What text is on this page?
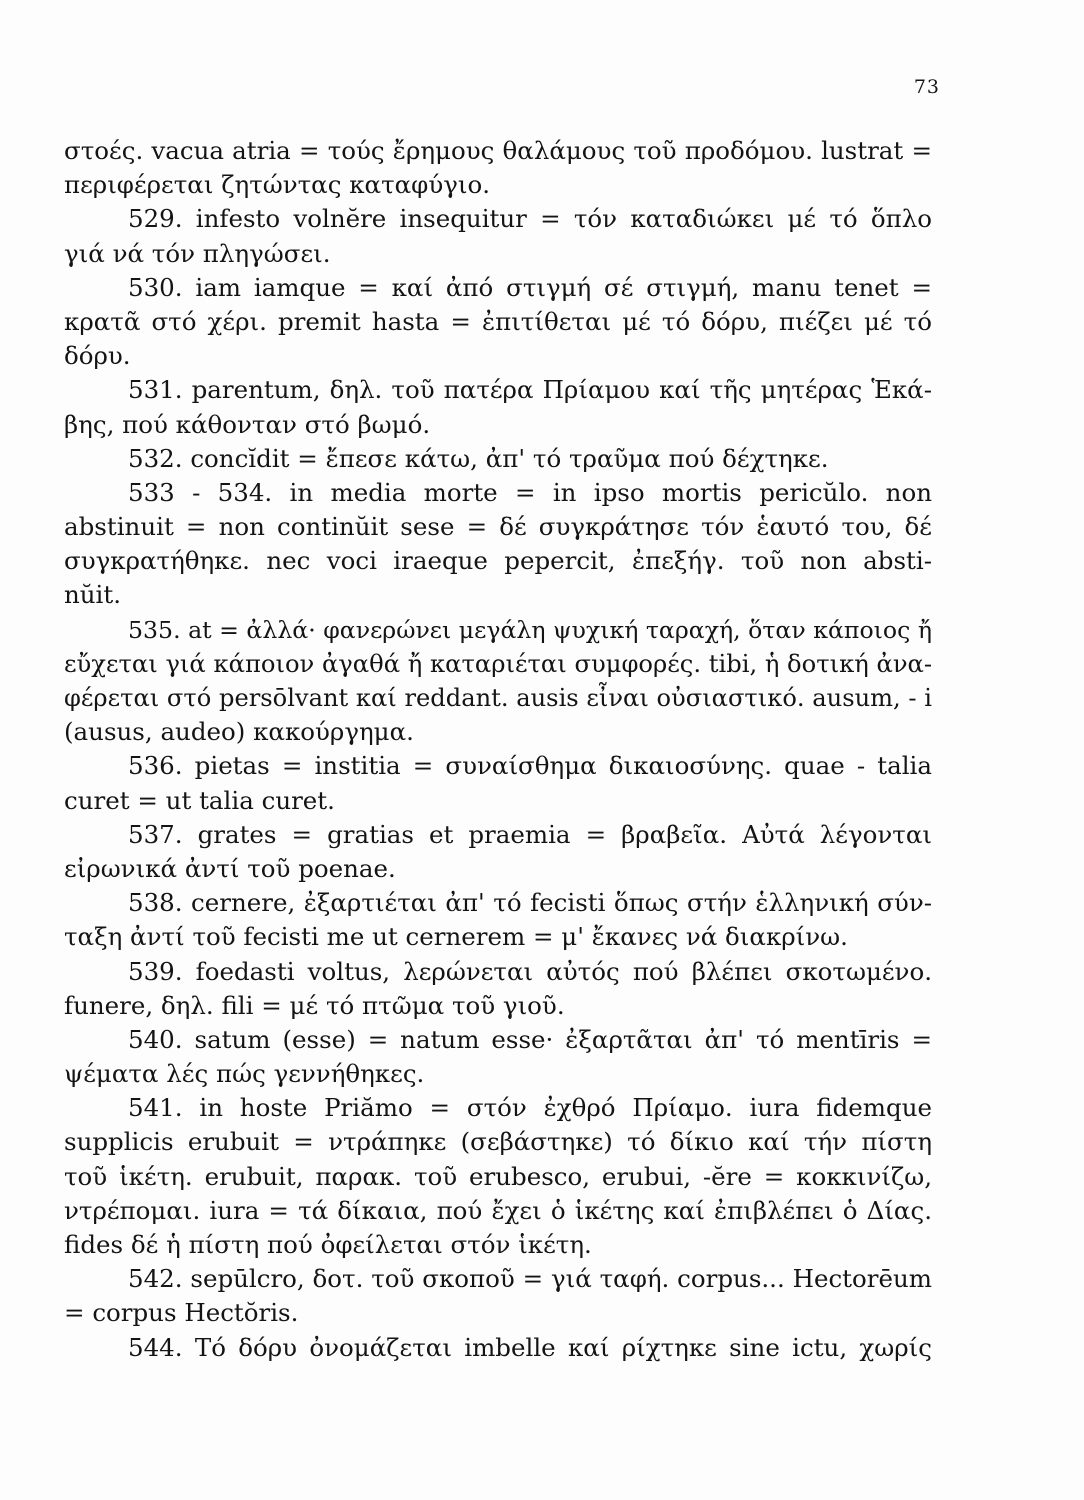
73
στοές. vacua atria = τούς ἔρημους θαλάμους τοῦ προδόμου. lustrat =
περιφέρεται ζητώντας καταφύγιο.
529. infesto volnĕre insequitur = τόν καταδιώκει μέ τό ὅπλο
γιά νά τόν πληγώσει.
530. iam iamque = καί ἀπό στιγμή σέ στιγμή, manu tenet =
κρατᾶ στό χέρι. premit hasta = ἐπιτίθεται μέ τό δόρυ, πιέζει μέ τό
δόρυ.
531. parentum, δηλ. τοῦ πατέρα Πρίαμου καί τῆς μητέρας Ἑκά-
βης, πού κάθονταν στό βωμό.
532. concĭdit = ἔπεσε κάτω, ἀπ' τό τραῦμα πού δέχτηκε.
533 - 534. in media morte = in ipso mortis pericŭlo. non
abstinuit = non continŭit sese = δέ συγκράτησε τόν ἑαυτό του, δέ
συγκρατήθηκε. nec voci iraeque pepercit, ἐπεξήγ. τοῦ non absti-
nŭit.
535. at = ἀλλά· φανερώνει μεγάλη ψυχική ταραχή, ὅταν κάποιος ἤ
εὔχεται γιά κάποιον ἀγαθά ἤ καταριέται συμφορές. tibi, ἡ δοτική ἀνα-
φέρεται στό persōlvant καί reddant. ausis εἶναι οὐσιαστικό. ausum, - i
(ausus, audeo) κακούργημα.
536. pietas = institia = συναίσθημα δικαιοσύνης. quae - talia
curet = ut talia curet.
537. grates = gratias et praemia = βραβεῖα. Αὐτά λέγονται
εἰρωνικά ἀντί τοῦ poenae.
538. cernere, ἐξαρτιέται ἀπ' τό fecisti ὅπως στήν ἑλληνική σύν-
ταξη ἀντί τοῦ fecisti me ut cernerem = μ' ἔκανες νά διακρίνω.
539. foedasti voltus, λερώνεται αὐτός πού βλέπει σκοτωμένο.
funere, δηλ. fili = μέ τό πτῶμα τοῦ γιοῦ.
540. satum (esse) = natum esse· ἐξαρτᾶται ἀπ' τό mentīris =
ψέματα λές πώς γεννήθηκες.
541. in hoste Priămo = στόν ἐχθρό Πρίαμο. iura fidemque
supplicis erubuit = ντράπηκε (σεβάστηκε) τό δίκιο καί τήν πίστη
τοῦ ἱκέτη. erubuit, παρακ. τοῦ erubesco, erubui, -ĕre = κοκκινίζω,
ντρέπομαι. iura = τά δίκαια, πού ἔχει ὁ ἱκέτης καί ἐπιβλέπει ὁ Δίας.
fides δέ ἡ πίστη πού ὀφείλεται στόν ἱκέτη.
542. sepūlcro, δοτ. τοῦ σκοποῦ = γιά ταφή. corpus... Hectorēum
= corpus Hectŏris.
544. Τό δόρυ ὀνομάζεται imbelle καί ρίχτηκε sine ictu, χωρίς
